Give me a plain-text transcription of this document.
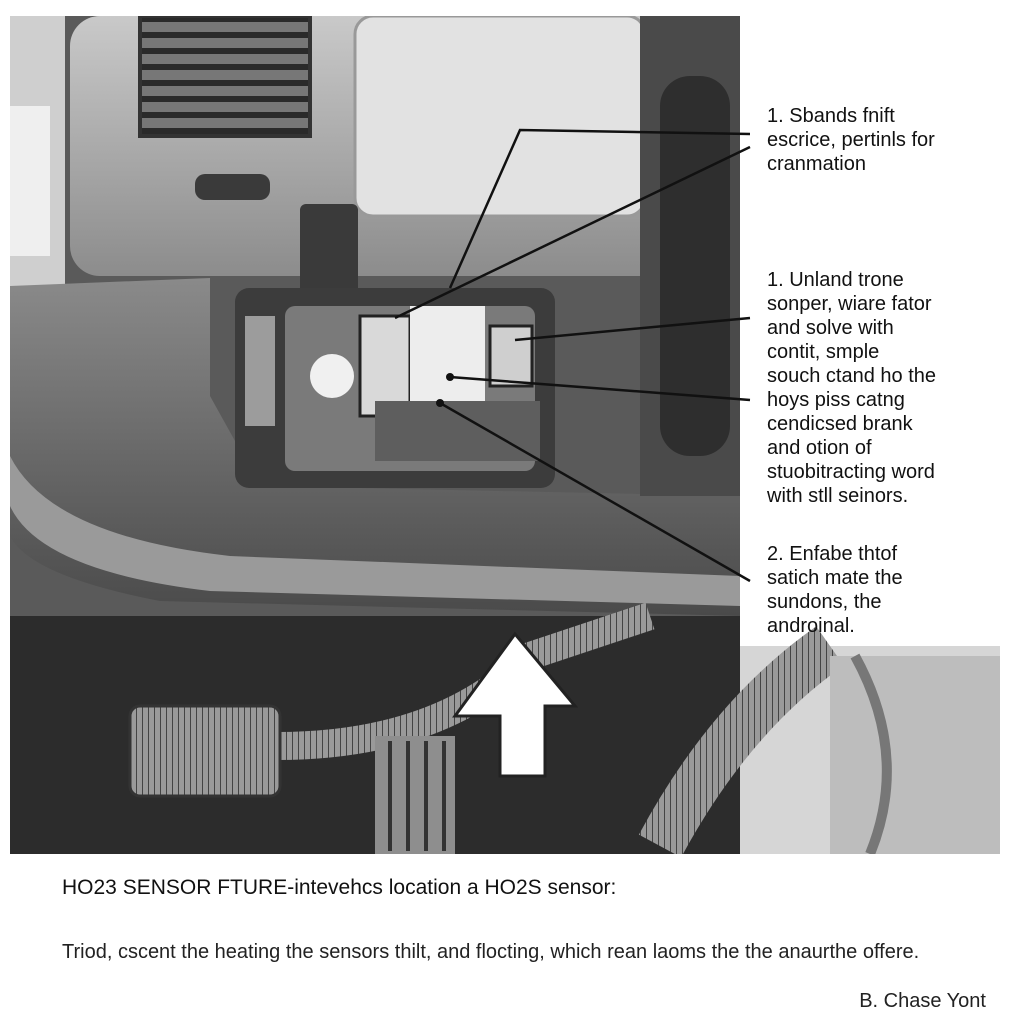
1. Sbands fnift
escrice, pertinls for
cranmation
1. Unland trone
sonper, wiare fator
and solve with
contit, smple
souch ctand ho the
hoys piss catng
cendicsed brank
and otion of
stuobitracting word
with stll seinors.
2. Enfabe thtof
satich mate the
sundons, the
androinal.
HO23 SENSOR FTURE-intevehcs location a HO2S sensor:
Triod, cscent the heating the sensors thilt, and flocting, which rean laoms the the anaurthe offere.
B. Chase Yont
